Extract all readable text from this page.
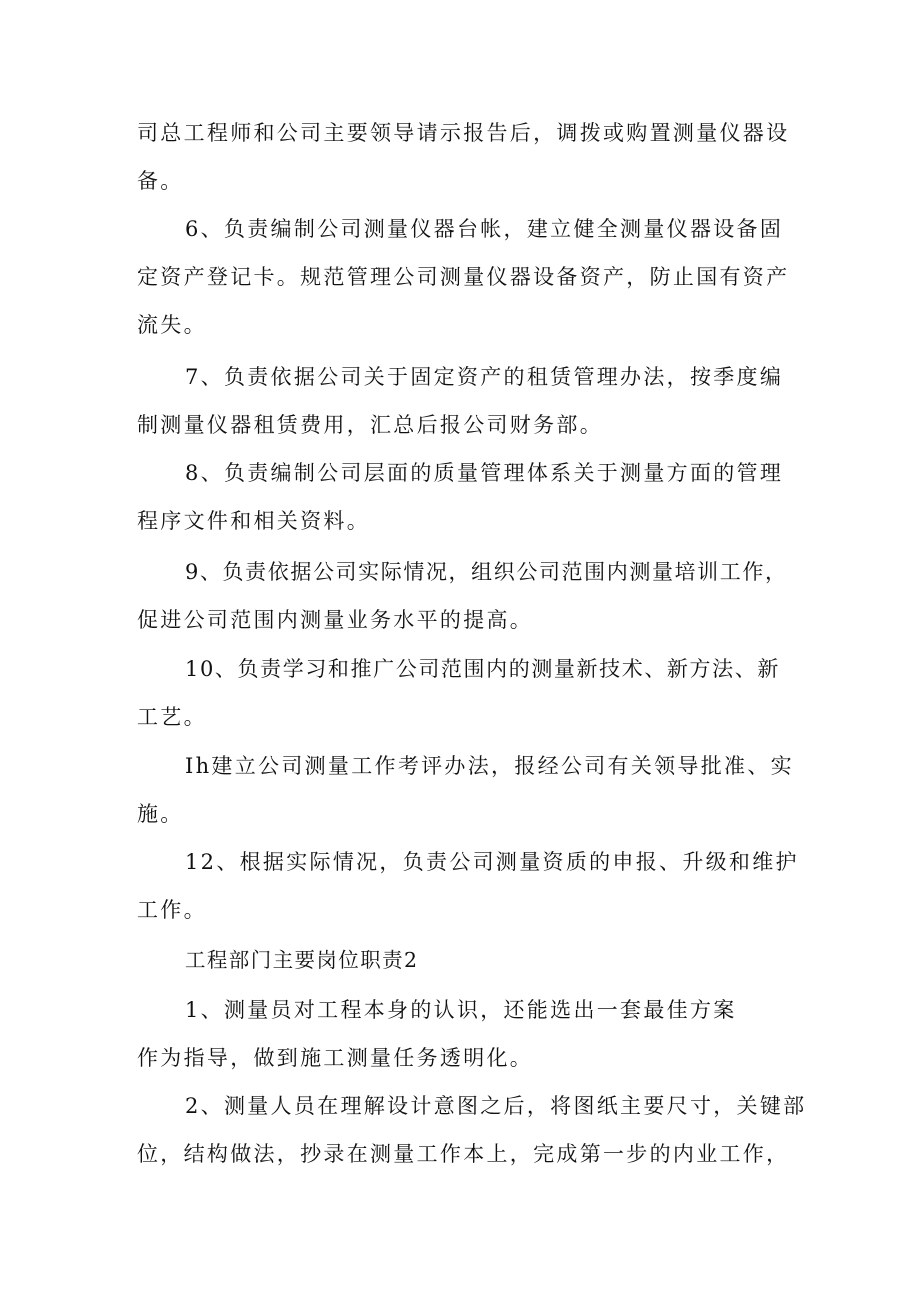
司总工程师和公司主要领导请示报告后，调拨或购置测量仪器设
备。
6、负责编制公司测量仪器台帐，建立健全测量仪器设备固
定资产登记卡。规范管理公司测量仪器设备资产，防止国有资产
流失。
7、负责依据公司关于固定资产的租赁管理办法，按季度编
制测量仪器租赁费用，汇总后报公司财务部。
8、负责编制公司层面的质量管理体系关于测量方面的管理
程序文件和相关资料。
9、负责依据公司实际情况，组织公司范围内测量培训工作，
促进公司范围内测量业务水平的提高。
10、负责学习和推广公司范围内的测量新技术、新方法、新
工艺。
Ih建立公司测量工作考评办法，报经公司有关领导批准、实
施。
12、根据实际情况，负责公司测量资质的申报、升级和维护
工作。
工程部门主要岗位职责2
1、测量员对工程本身的认识，还能选出一套最佳方案
作为指导，做到施工测量任务透明化。
2、测量人员在理解设计意图之后，将图纸主要尺寸，关键部
位，结构做法，抄录在测量工作本上，完成第一步的内业工作，
